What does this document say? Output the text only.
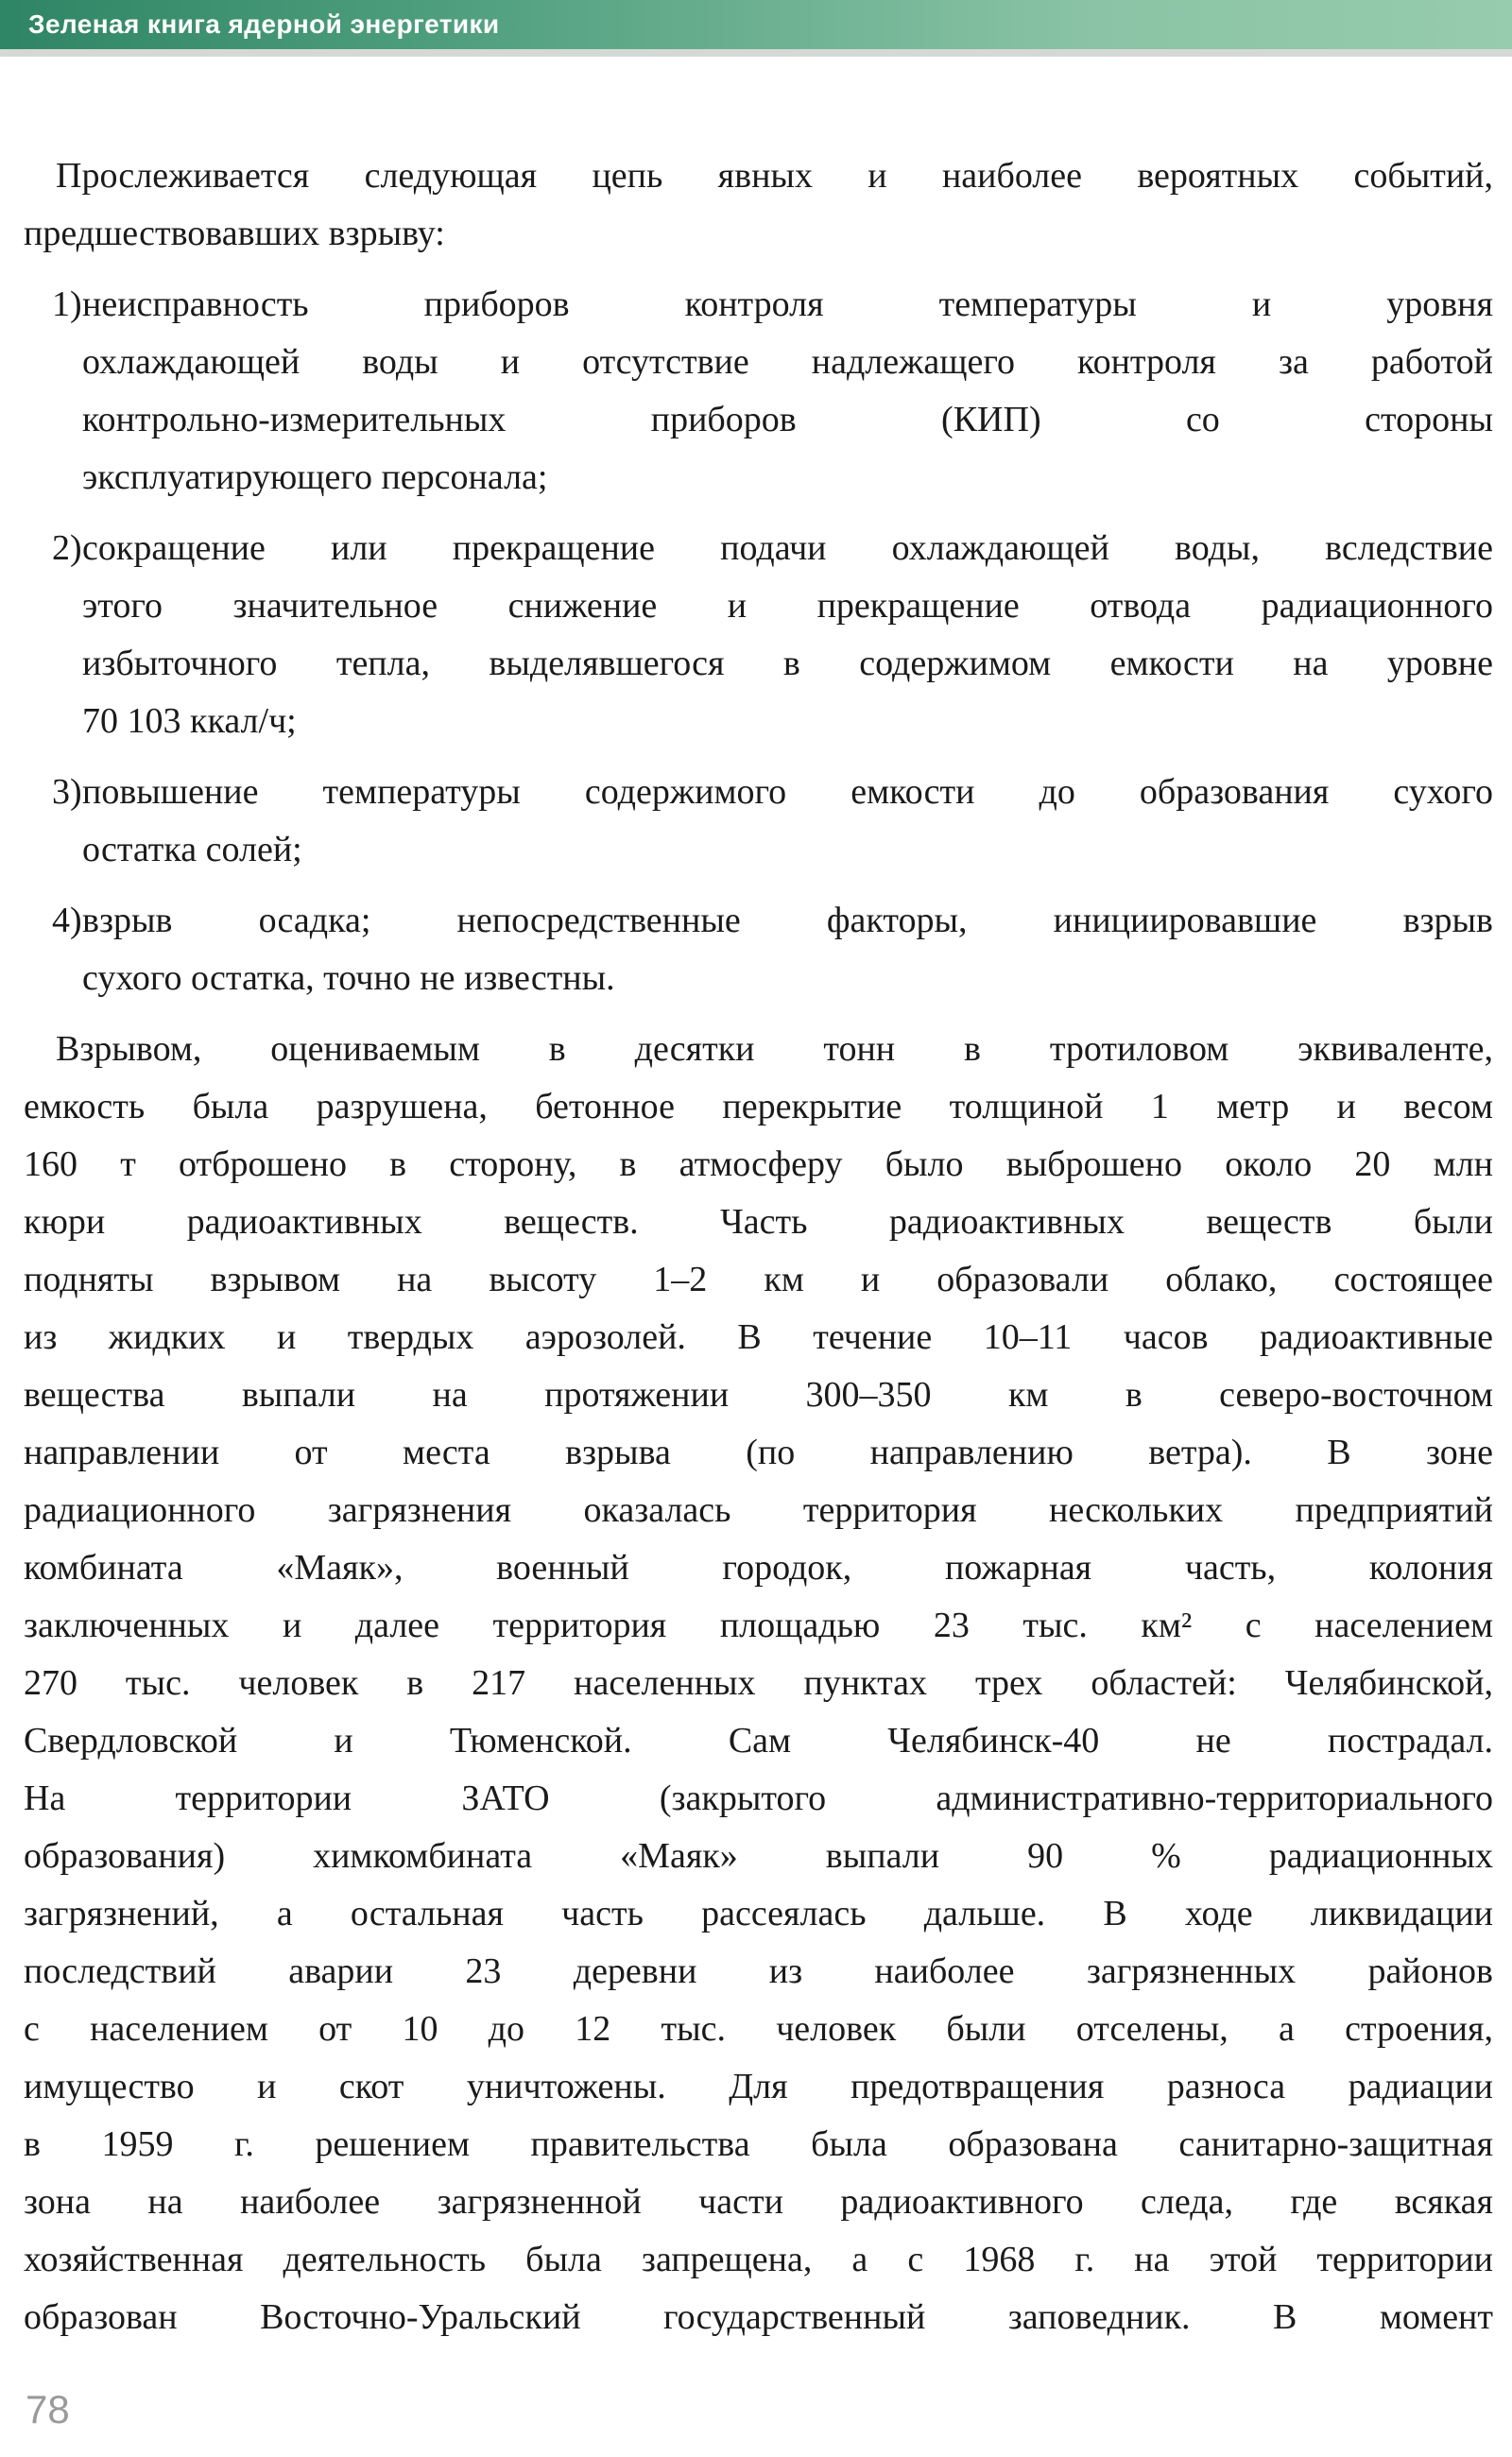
Зеленая книга ядерной энергетики
Прослеживается следующая цепь явных и наиболее вероятных событий,
предшествовавших взрыву:
1) неисправность приборов контроля температуры и уровня
охлаждающей воды и отсутствие надлежащего контроля за работой
контрольно-измерительных приборов (КИП) со стороны
эксплуатирующего персонала;
2) сокращение или прекращение подачи охлаждающей воды, вследствие
этого значительное снижение и прекращение отвода радиационного
избыточного тепла, выделявшегося в содержимом емкости на уровне
70 103 ккал/ч;
3) повышение температуры содержимого емкости до образования сухого
остатка солей;
4) взрыв осадка; непосредственные факторы, инициировавшие взрыв
сухого остатка, точно не известны.
Взрывом, оцениваемым в десятки тонн в тротиловом эквиваленте,
емкость была разрушена, бетонное перекрытие толщиной 1 метр и весом
160 т отброшено в сторону, в атмосферу было выброшено около 20 млн
кюри радиоактивных веществ. Часть радиоактивных веществ были
подняты взрывом на высоту 1–2 км и образовали облако, состоящее
из жидких и твердых аэрозолей. В течение 10–11 часов радиоактивные
вещества выпали на протяжении 300–350 км в северо-восточном
направлении от места взрыва (по направлению ветра). В зоне
радиационного загрязнения оказалась территория нескольких предприятий
комбината «Маяк», военный городок, пожарная часть, колония
заключенных и далее территория площадью 23 тыс. км² с населением
270 тыс. человек в 217 населенных пунктах трех областей: Челябинской,
Свердловской и Тюменской. Сам Челябинск-40 не пострадал.
На территории ЗАТО (закрытого административно-территориального
образования) химкомбината «Маяк» выпали 90 % радиационных
загрязнений, а остальная часть рассеялась дальше. В ходе ликвидации
последствий аварии 23 деревни из наиболее загрязненных районов
с населением от 10 до 12 тыс. человек были отселены, а строения,
имущество и скот уничтожены. Для предотвращения разноса радиации
в 1959 г. решением правительства была образована санитарно-защитная
зона на наиболее загрязненной части радиоактивного следа, где всякая
хозяйственная деятельность была запрещена, а с 1968 г. на этой территории
образован Восточно-Уральский государственный заповедник. В момент
78
